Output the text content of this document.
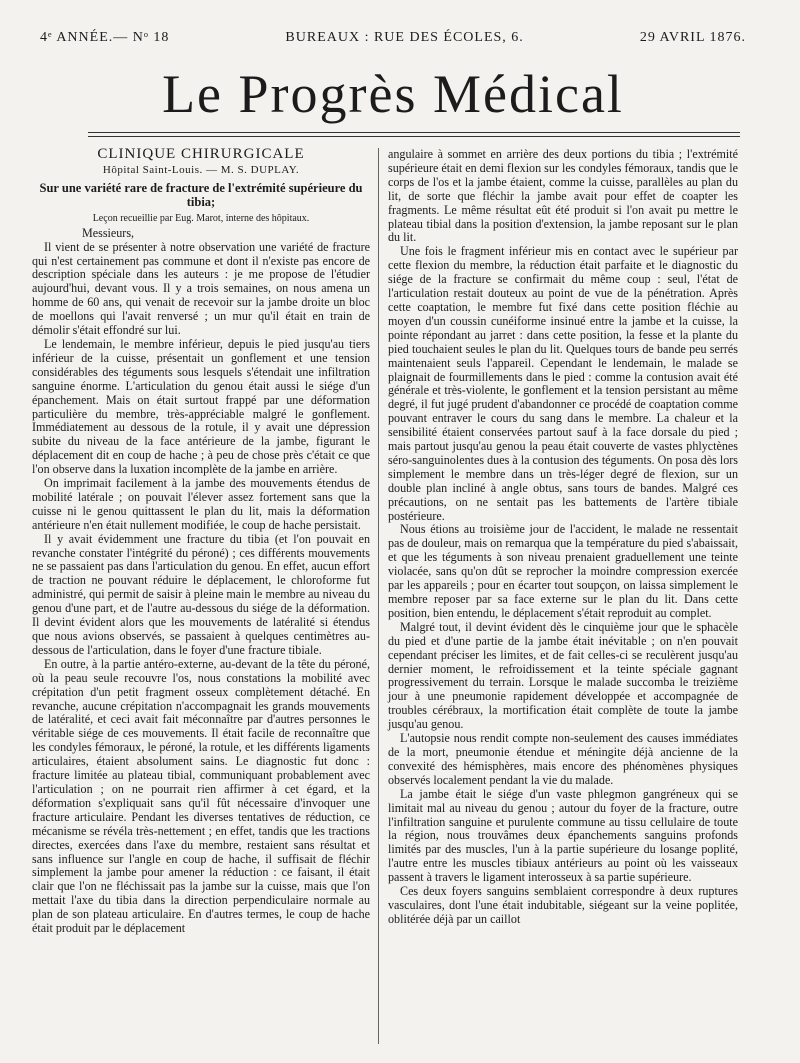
4ᵉ ANNÉE.— Nᵒ 18	BUREAUX : RUE DES ÉCOLES, 6.	29 AVRIL 1876.
Le Progrès Médical
CLINIQUE CHIRURGICALE
Hôpital Saint-Louis. — M. S. DUPLAY.
Sur une variété rare de fracture de l'extrémité supérieure du tibia;
Leçon recueillie par Eug. Marot, interne des hôpitaux.

Messieurs,

Il vient de se présenter à notre observation une variété de fracture qui n'est certainement pas commune et dont il n'existe pas encore de description spéciale dans les auteurs : je me propose de l'étudier aujourd'hui, devant vous. Il y a trois semaines, on nous amena un homme de 60 ans, qui venait de recevoir sur la jambe droite un bloc de moellons qui l'avait renversé ; un mur qu'il était en train de démolir s'était effondré sur lui.

Le lendemain, le membre inférieur, depuis le pied jusqu'au tiers inférieur de la cuisse, présentait un gonflement et une tension considérables des téguments sous lesquels s'étendait une infiltration sanguine énorme. L'articulation du genou était aussi le siége d'un épanchement. Mais on était surtout frappé par une déformation particulière du membre, très-appréciable malgré le gonflement. Immédiatement au dessous de la rotule, il y avait une dépression subite du niveau de la face antérieure de la jambe, figurant le déplacement dit en coup de hache ; à peu de chose près c'était ce que l'on observe dans la luxation incomplète de la jambe en arrière.

On imprimait facilement à la jambe des mouvements étendus de mobilité latérale ; on pouvait l'élever assez fortement sans que la cuisse ni le genou quittassent le plan du lit, mais la déformation antérieure n'en était nullement modifiée, le coup de hache persistait.

Il y avait évidemment une fracture du tibia (et l'on pouvait en revanche constater l'intégrité du péroné) ; ces différents mouvements ne se passaient pas dans l'articulation du genou. En effet, aucun effort de traction ne pouvant réduire le déplacement, le chloroforme fut administré, qui permit de saisir à pleine main le membre au niveau du genou d'une part, et de l'autre au-dessous du siége de la déformation. Il devint évident alors que les mouvements de latéralité si étendus que nous avions observés, se passaient à quelques centimètres au-dessous de l'articulation, dans le foyer d'une fracture tibiale.

En outre, à la partie antéro-externe, au-devant de la tête du péroné, où la peau seule recouvre l'os, nous constations la mobilité avec crépitation d'un petit fragment osseux complètement détaché. En revanche, aucune crépitation n'accompagnait les grands mouvements de latéralité, et ceci avait fait méconnaître par d'autres personnes le véritable siége de ces mouvements. Il était facile de reconnaître que les condyles fémoraux, le péroné, la rotule, et les différents ligaments articulaires, étaient absolument sains. Le diagnostic fut donc : fracture limitée au plateau tibial, communiquant probablement avec l'articulation ; on ne pourrait rien affirmer à cet égard, et la déformation s'expliquait sans qu'il fût nécessaire d'invoquer une fracture articulaire. Pendant les diverses tentatives de réduction, ce mécanisme se révéla très-nettement ; en effet, tandis que les tractions directes, exercées dans l'axe du membre, restaient sans résultat et sans influence sur l'angle en coup de hache, il suffisait de fléchir simplement la jambe pour amener la réduction : ce faisant, il était clair que l'on ne fléchissait pas la jambe sur la cuisse, mais que l'on mettait l'axe du tibia dans la direction perpendiculaire normale au plan de son plateau articulaire. En d'autres termes, le coup de hache était produit par le déplacement

angulaire à sommet en arrière des deux portions du tibia ; l'extrémité supérieure était en demi flexion sur les condyles fémoraux, tandis que le corps de l'os et la jambe étaient, comme la cuisse, parallèles au plan du lit, de sorte que fléchir la jambe avait pour effet de coapter les fragments. Le même résultat eût été produit si l'on avait pu mettre le plateau tibial dans la position d'extension, la jambe reposant sur le plan du lit.

Une fois le fragment inférieur mis en contact avec le supérieur par cette flexion du membre, la réduction était parfaite et le diagnostic du siége de la fracture se confirmait du même coup : seul, l'état de l'articulation restait douteux au point de vue de la pénétration. Après cette coaptation, le membre fut fixé dans cette position fléchie au moyen d'un coussin cunéiforme insinué entre la jambe et la cuisse, la pointe répondant au jarret : dans cette position, la fesse et la plante du pied touchaient seules le plan du lit. Quelques tours de bande peu serrés maintenaient seuls l'appareil. Cependant le lendemain, le malade se plaignait de fourmillements dans le pied : comme la contusion avait été générale et très-violente, le gonflement et la tension persistant au même degré, il fut jugé prudent d'abandonner ce procédé de coaptation comme pouvant entraver le cours du sang dans le membre. La chaleur et la sensibilité étaient conservées partout sauf à la face dorsale du pied ; mais partout jusqu'au genou la peau était couverte de vastes phlyctènes séro-sanguinolentes dues à la contusion des téguments. On posa dès lors simplement le membre dans un très-léger degré de flexion, sur un double plan incliné à angle obtus, sans tours de bandes. Malgré ces précautions, on ne sentait pas les battements de l'artère tibiale postérieure.

Nous étions au troisième jour de l'accident, le malade ne ressentait pas de douleur, mais on remarqua que la température du pied s'abaissait, et que les téguments à son niveau prenaient graduellement une teinte violacée, sans qu'on dût se reprocher la moindre compression exercée par les appareils ; pour en écarter tout soupçon, on laissa simplement le membre reposer par sa face externe sur le plan du lit. Dans cette position, bien entendu, le déplacement s'était reproduit au complet.

Malgré tout, il devint évident dès le cinquième jour que le sphacèle du pied et d'une partie de la jambe était inévitable ; on n'en pouvait cependant préciser les limites, et de fait celles-ci se reculèrent jusqu'au dernier moment, le refroidissement et la teinte spéciale gagnant progressivement du terrain. Lorsque le malade succomba le treizième jour à une pneumonie rapidement développée et accompagnée de troubles cérébraux, la mortification était complète de toute la jambe jusqu'au genou.

L'autopsie nous rendit compte non-seulement des causes immédiates de la mort, pneumonie étendue et méningite déjà ancienne de la convexité des hémisphères, mais encore des phénomènes physiques observés localement pendant la vie du malade.

La jambe était le siége d'un vaste phlegmon gangréneux qui se limitait mal au niveau du genou ; autour du foyer de la fracture, outre l'infiltration sanguine et purulente commune au tissu cellulaire de toute la région, nous trouvâmes deux épanchements sanguins profonds limités par des muscles, l'un à la partie supérieure du losange poplité, l'autre entre les muscles tibiaux antérieurs au point où les vaisseaux passent à travers le ligament interosseux à sa partie supérieure.

Ces deux foyers sanguins semblaient correspondre à deux ruptures vasculaires, dont l'une était indubitable, siégeant sur la veine poplitée, oblitérée déjà par un caillot
